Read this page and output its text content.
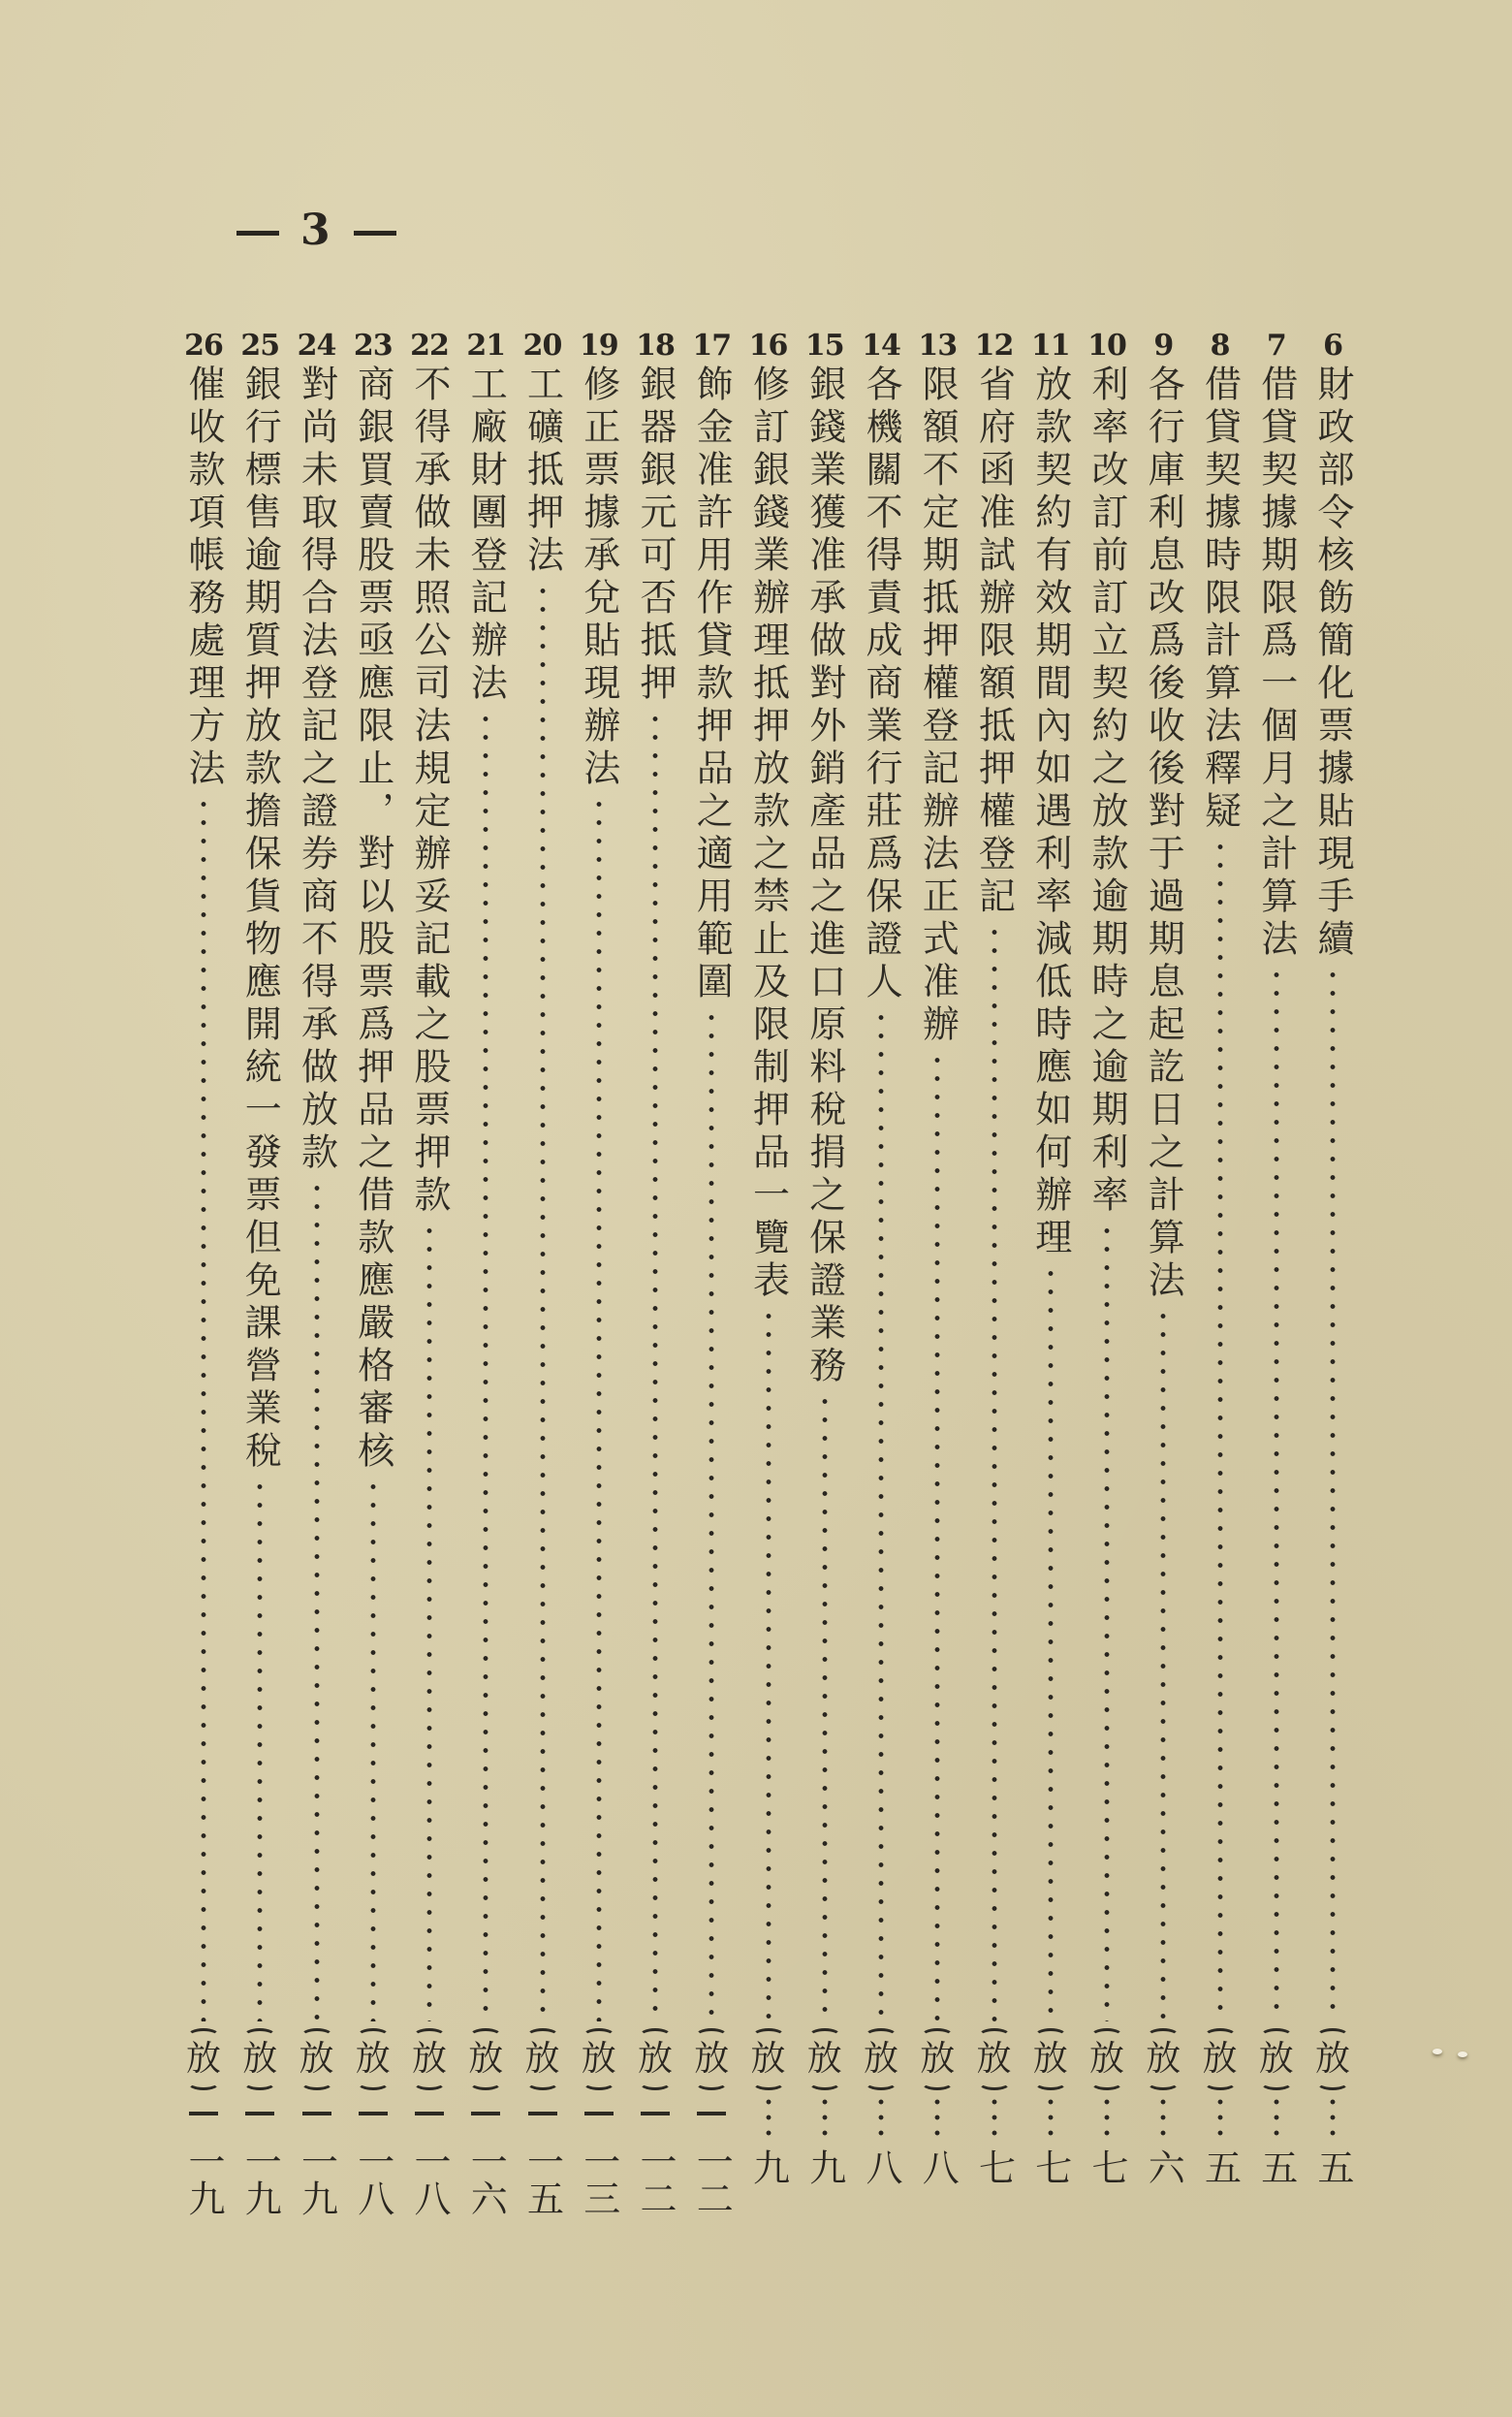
3
6
財政部令核飭簡化票據貼現手續
放
五
7
借貸契據期限爲一個月之計算法
放
五
8
借貸契據時限計算法釋疑
放
五
9
各行庫利息改爲後收後對于過期息起訖日之計算法
放
六
10
利率改訂前訂立契約之放款逾期時之逾期利率
放
七
11
放款契約有效期間內如遇利率減低時應如何辦理
放
七
12
省府函准試辦限額抵押權登記
放
七
13
限額不定期抵押權登記辦法正式准辦
放
八
14
各機關不得責成商業行莊爲保證人
放
八
15
銀錢業獲准承做對外銷產品之進口原料稅捐之保證業務
放
九
16
修訂銀錢業辦理抵押放款之禁止及限制押品一覽表
放
九
17
飾金准許用作貸款押品之適用範圍
放
一二
18
銀器銀元可否抵押
放
一二
19
修正票據承兌貼現辦法
放
一三
20
工礦抵押法
放
一五
21
工廠財團登記辦法
放
一六
22
不得承做未照公司法規定辦妥記載之股票押款
放
一八
23
商銀買賣股票亟應限止，對以股票爲押品之借款應嚴格審核
放
一八
24
對尚未取得合法登記之證券商不得承做放款
放
一九
25
銀行標售逾期質押放款擔保貨物應開統一發票但免課營業稅
放
一九
26
催收款項帳務處理方法
放
一九
